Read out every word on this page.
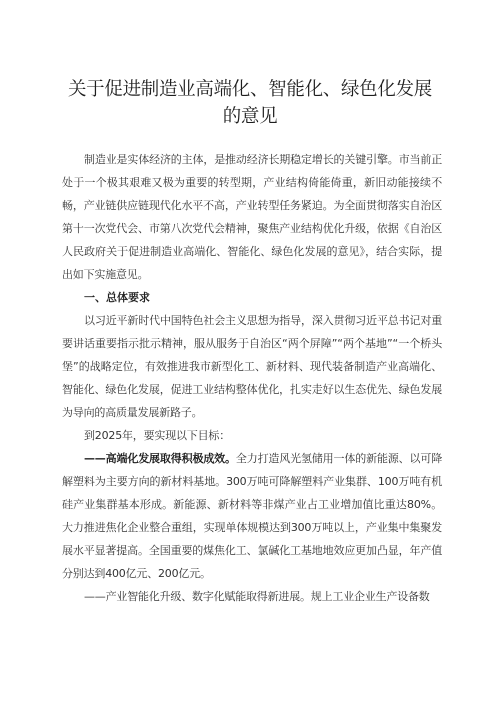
关于促进制造业高端化、智能化、绿色化发展
的意见

制造业是实体经济的主体，是推动经济长期稳定增长的关键引擎。市当前正处于一个极其艰难又极为重要的转型期，产业结构倚能倚重，新旧动能接续不畅，产业链供应链现代化水平不高，产业转型任务紧迫。为全面贯彻落实自治区第十一次党代会、市第八次党代会精神，聚焦产业结构优化升级，依据《自治区人民政府关于促进制造业高端化、智能化、绿色化发展的意见》，结合实际，提出如下实施意见。

一、总体要求

以习近平新时代中国特色社会主义思想为指导，深入贯彻习近平总书记对重要讲话重要指示批示精神，服从服务于自治区“两个屏障”“两个基地”“一个桥头堡”的战略定位，有效推进我市新型化工、新材料、现代装备制造产业高端化、智能化、绿色化发展，促进工业结构整体优化，扎实走好以生态优先、绿色发展为导向的高质量发展新路子。

到2025年，要实现以下目标：

——高端化发展取得积极成效。全力打造风光氢储用一体的新能源、以可降解塑料为主要方向的新材料基地。300万吨可降解塑料产业集群、100万吨有机硅产业集群基本形成。新能源、新材料等非煤产业占工业增加值比重达80%。大力推进焦化企业整合重组，实现单体规模达到300万吨以上，产业集中集聚发展水平显著提高。全国重要的煤焦化工、氯碱化工基地地效应更加凸显，年产值分别达到400亿元、200亿元。

——产业智能化升级、数字化赋能取得新进展。规上工业企业生产设备数
